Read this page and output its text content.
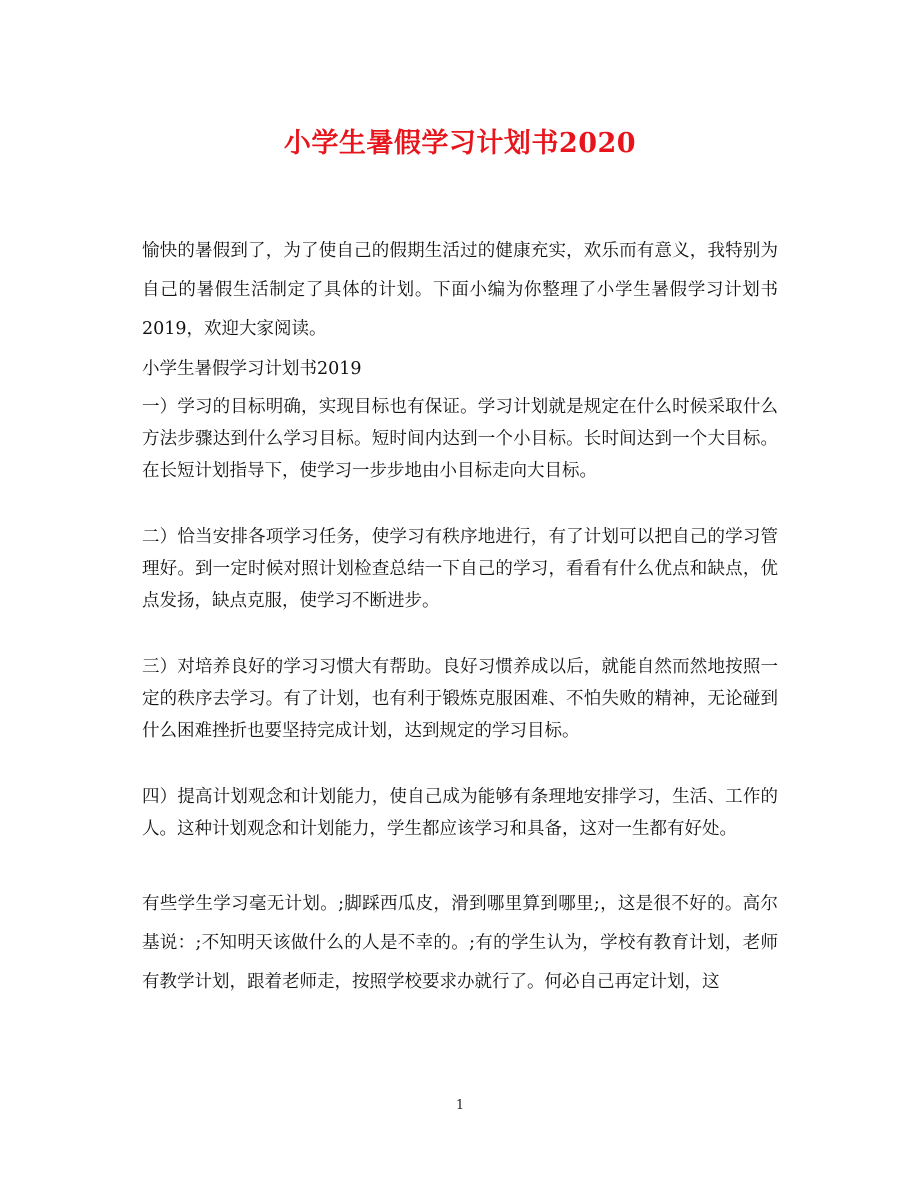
小学生暑假学习计划书2020

愉快的暑假到了，为了使自己的假期生活过的健康充实，欢乐而有意义，我特别为自己的暑假生活制定了具体的计划。下面小编为你整理了小学生暑假学习计划书2019，欢迎大家阅读。

小学生暑假学习计划书2019

一）学习的目标明确，实现目标也有保证。学习计划就是规定在什么时候采取什么方法步骤达到什么学习目标。短时间内达到一个小目标。长时间达到一个大目标。在长短计划指导下，使学习一步步地由小目标走向大目标。

二）恰当安排各项学习任务，使学习有秩序地进行，有了计划可以把自己的学习管理好。到一定时候对照计划检查总结一下自己的学习，看看有什么优点和缺点，优点发扬，缺点克服，使学习不断进步。

三）对培养良好的学习习惯大有帮助。良好习惯养成以后，就能自然而然地按照一定的秩序去学习。有了计划，也有利于锻炼克服困难、不怕失败的精神，无论碰到什么困难挫折也要坚持完成计划，达到规定的学习目标。

四）提高计划观念和计划能力，使自己成为能够有条理地安排学习，生活、工作的人。这种计划观念和计划能力，学生都应该学习和具备，这对一生都有好处。

有些学生学习毫无计划。;脚踩西瓜皮，滑到哪里算到哪里;，这是很不好的。高尔基说：;不知明天该做什么的人是不幸的。;有的学生认为，学校有教育计划，老师有教学计划，跟着老师走，按照学校要求办就行了。何必自己再定计划，这

1
